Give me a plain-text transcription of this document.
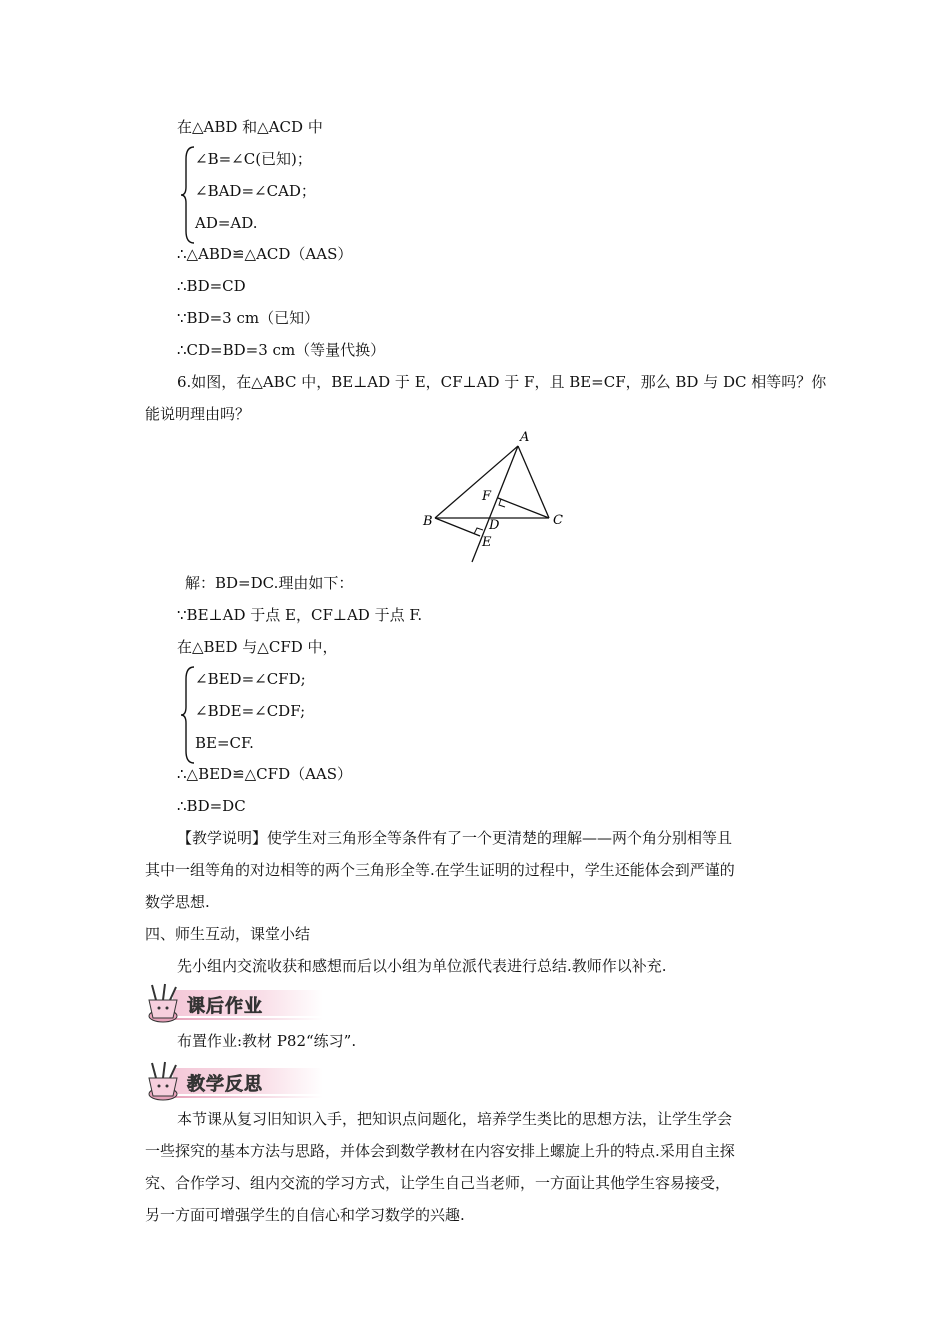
在△ABD 和△ACD 中
∠B=∠C(已知)；
∠BAD=∠CAD；
AD=AD.
∴△ABD≌△ACD（AAS）
∴BD=CD
∵BD=3 cm（已知）
∴CD=BD=3 cm（等量代换）
6.如图，在△ABC 中，BE⊥AD 于 E，CF⊥AD 于 F，且 BE=CF，那么 BD 与 DC 相等吗？你
能说明理由吗？
A
B	C
D
E
F
解：BD=DC.理由如下：
∵BE⊥AD 于点 E，CF⊥AD 于点 F.
在△BED 与△CFD 中，
∠BED=∠CFD;
∠BDE=∠CDF;
BE=CF.
∴△BED≌△CFD（AAS）
∴BD=DC
【教学说明】使学生对三角形全等条件有了一个更清楚的理解——两个角分别相等且
其中一组等角的对边相等的两个三角形全等.在学生证明的过程中，学生还能体会到严谨的
数学思想.
四、师生互动，课堂小结
先小组内交流收获和感想而后以小组为单位派代表进行总结.教师作以补充.
课后作业
布置作业:教材 P82“练习”.
教学反思
本节课从复习旧知识入手，把知识点问题化，培养学生类比的思想方法，让学生学会
一些探究的基本方法与思路，并体会到数学教材在内容安排上螺旋上升的特点.采用自主探
究、合作学习、组内交流的学习方式，让学生自己当老师，一方面让其他学生容易接受，
另一方面可增强学生的自信心和学习数学的兴趣.
